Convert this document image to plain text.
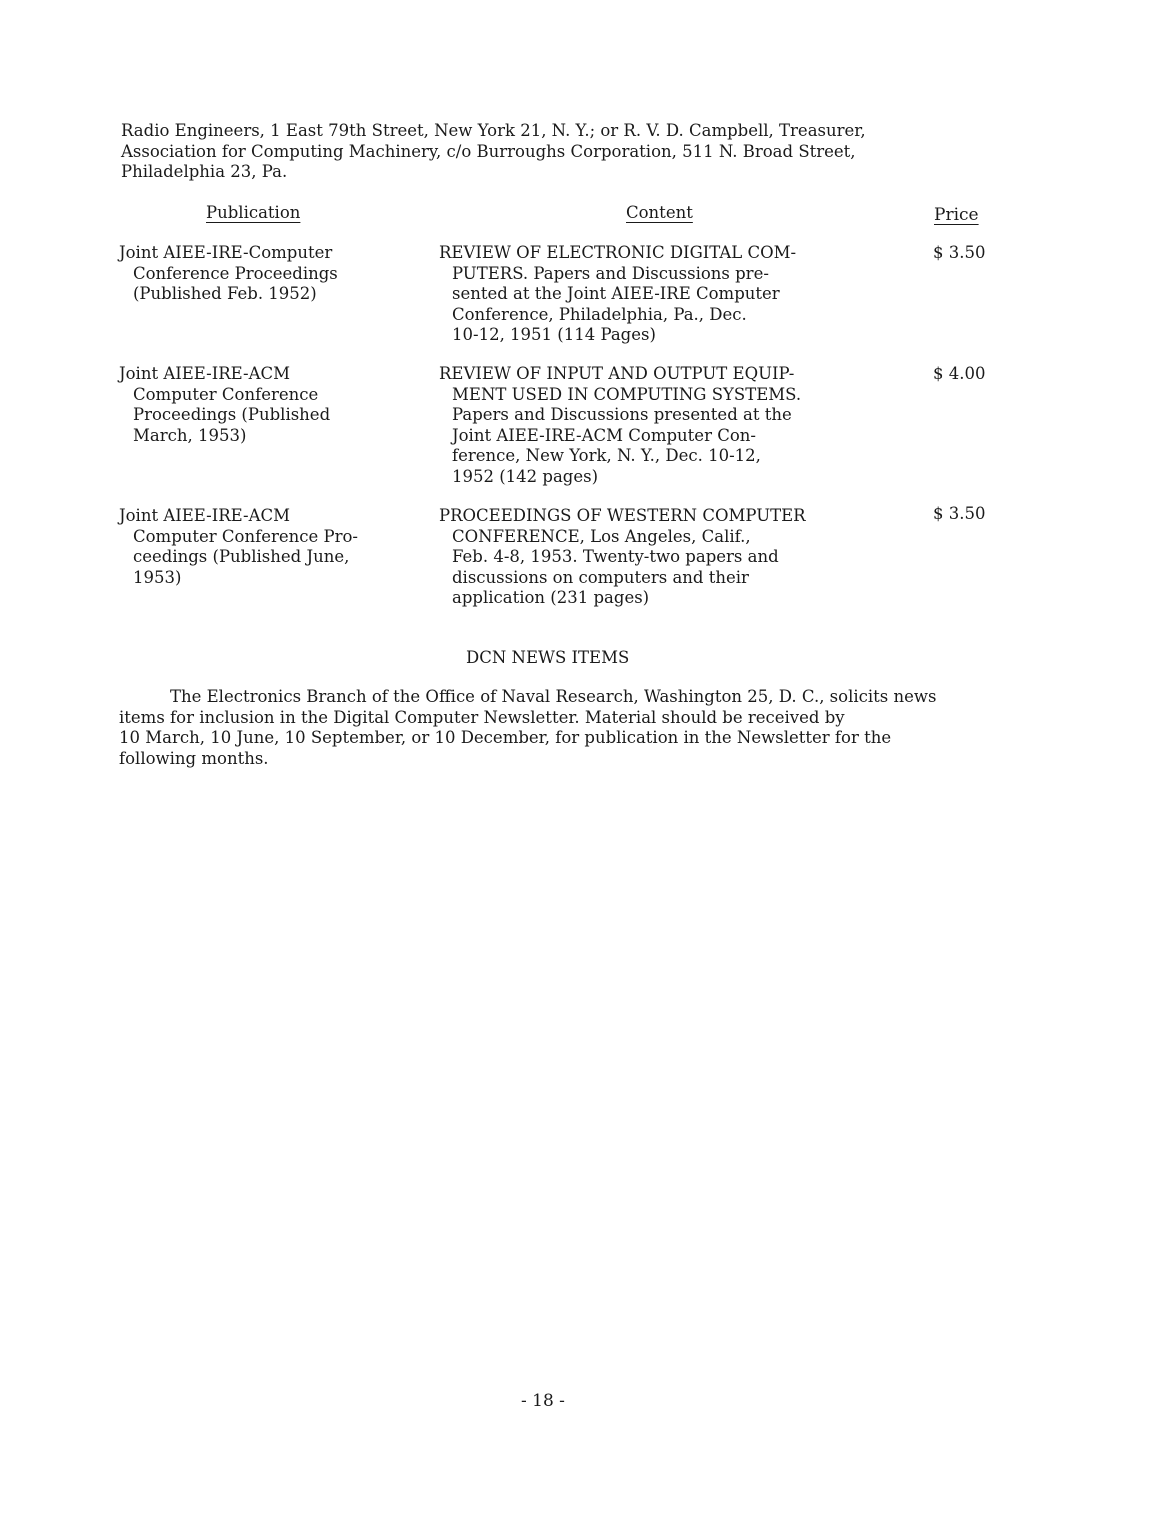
Radio Engineers, 1 East 79th Street, New York 21, N. Y.; or R. V. D. Campbell, Treasurer,
Association for Computing Machinery, c/o Burroughs Corporation, 511 N. Broad Street,
Philadelphia 23, Pa.
Publication	Content	Price
Joint AIEE-IRE-Computer
Conference Proceedings
(Published Feb. 1952)
REVIEW OF ELECTRONIC DIGITAL COM-
PUTERS. Papers and Discussions pre-
sented at the Joint AIEE-IRE Computer
Conference, Philadelphia, Pa., Dec.
10-12, 1951 (114 Pages)
$ 3.50
Joint AIEE-IRE-ACM
Computer Conference
Proceedings (Published
March, 1953)
REVIEW OF INPUT AND OUTPUT EQUIP-
MENT USED IN COMPUTING SYSTEMS.
Papers and Discussions presented at the
Joint AIEE-IRE-ACM Computer Con-
ference, New York, N. Y., Dec. 10-12,
1952 (142 pages)
$ 4.00
Joint AIEE-IRE-ACM
Computer Conference Pro-
ceedings (Published June,
1953)
PROCEEDINGS OF WESTERN COMPUTER
CONFERENCE, Los Angeles, Calif.,
Feb. 4-8, 1953. Twenty-two papers and
discussions on computers and their
application (231 pages)
$ 3.50
DCN NEWS ITEMS
The Electronics Branch of the Office of Naval Research, Washington 25, D. C., solicits news
items for inclusion in the Digital Computer Newsletter. Material should be received by
10 March, 10 June, 10 September, or 10 December, for publication in the Newsletter for the
following months.
- 18 -
